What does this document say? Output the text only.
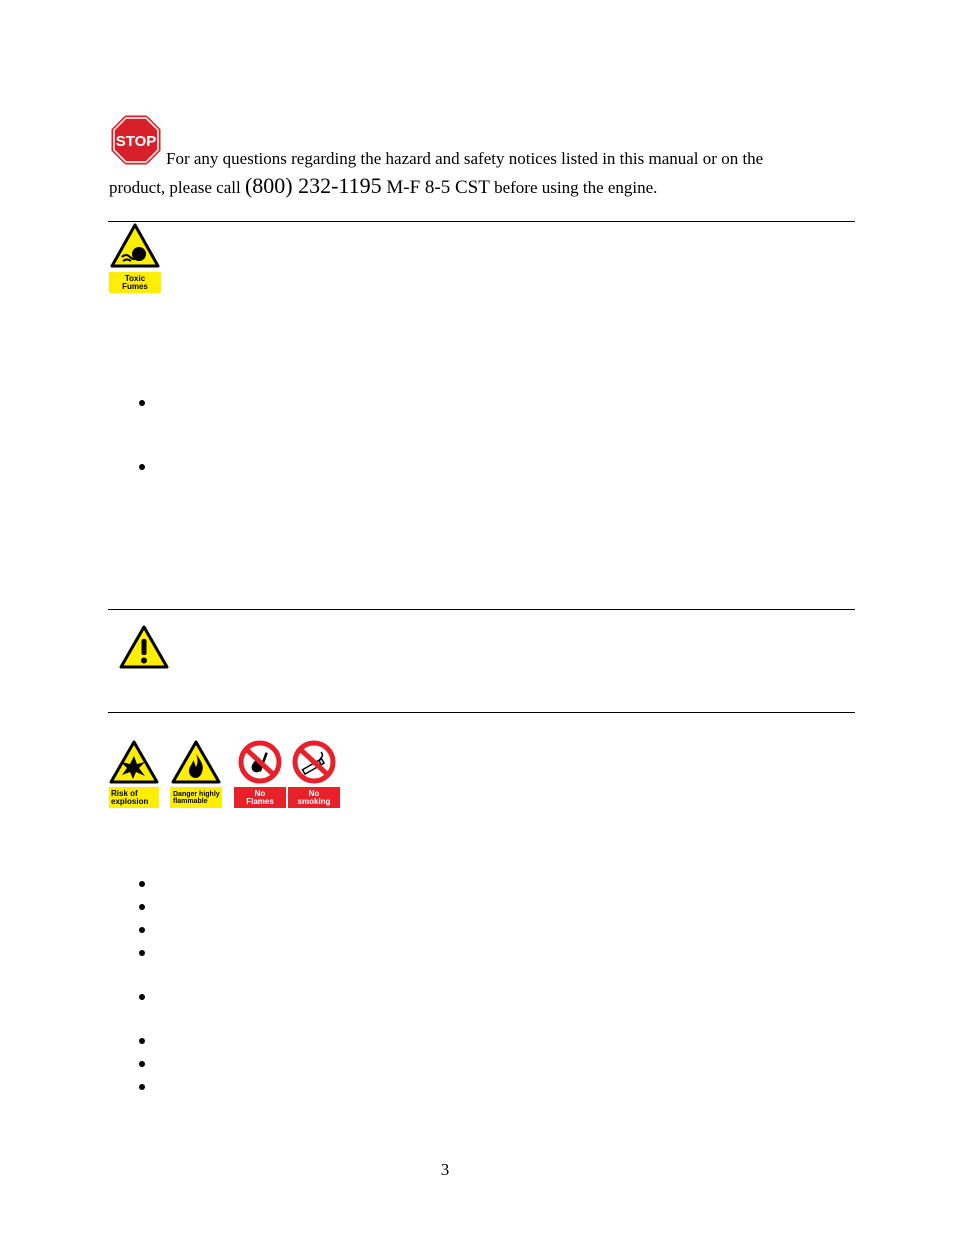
STOP
For any questions regarding the hazard and safety notices listed in this manual or on the
product, please call (800) 232-1195 M-F 8-5 CST before using the engine.
Toxic
Fumes
Risk of
explosion
Danger highly
flammable
No
Flames
No
smoking
3
